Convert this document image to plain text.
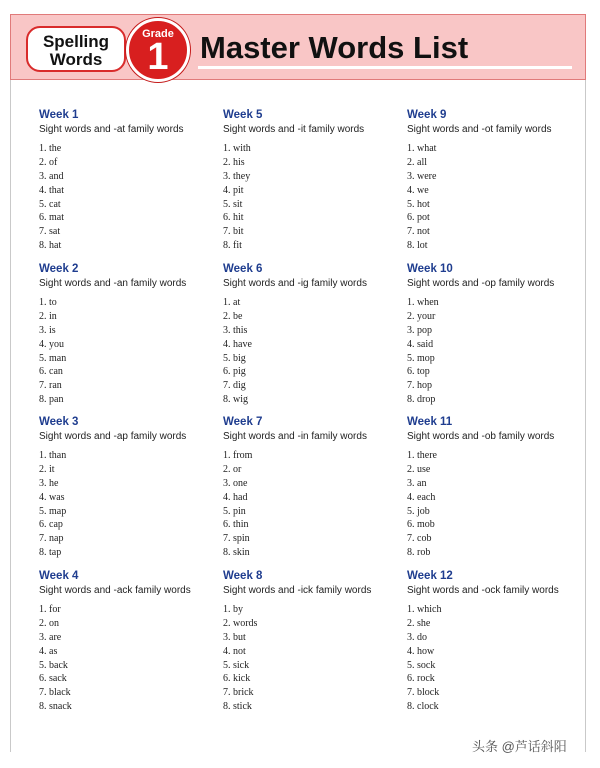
Spelling
Words
Grade
1	Master Words List
Week 1
Sight words and -at family words
1. the
2. of
3. and
4. that
5. cat
6. mat
7. sat
8. hat
Week 5
Sight words and -it family words
1. with
2. his
3. they
4. pit
5. sit
6. hit
7. bit
8. fit
Week 9
Sight words and -ot family words
1. what
2. all
3. were
4. we
5. hot
6. pot
7. not
8. lot
Week 2
Sight words and -an family words
1. to
2. in
3. is
4. you
5. man
6. can
7. ran
8. pan
Week 6
Sight words and -ig family words
1. at
2. be
3. this
4. have
5. big
6. pig
7. dig
8. wig
Week 10
Sight words and -op family words
1. when
2. your
3. pop
4. said
5. mop
6. top
7. hop
8. drop
Week 3
Sight words and -ap family words
1. than
2. it
3. he
4. was
5. map
6. cap
7. nap
8. tap
Week 7
Sight words and -in family words
1. from
2. or
3. one
4. had
5. pin
6. thin
7. spin
8. skin
Week 11
Sight words and -ob family words
1. there
2. use
3. an
4. each
5. job
6. mob
7. cob
8. rob
Week 4
Sight words and -ack family words
1. for
2. on
3. are
4. as
5. back
6. sack
7. black
8. snack
Week 8
Sight words and -ick family words
1. by
2. words
3. but
4. not
5. sick
6. kick
7. brick
8. stick
Week 12
Sight words and -ock family words
1. which
2. she
3. do
4. how
5. sock
6. rock
7. block
8. clock
头条 @芦话斜阳
